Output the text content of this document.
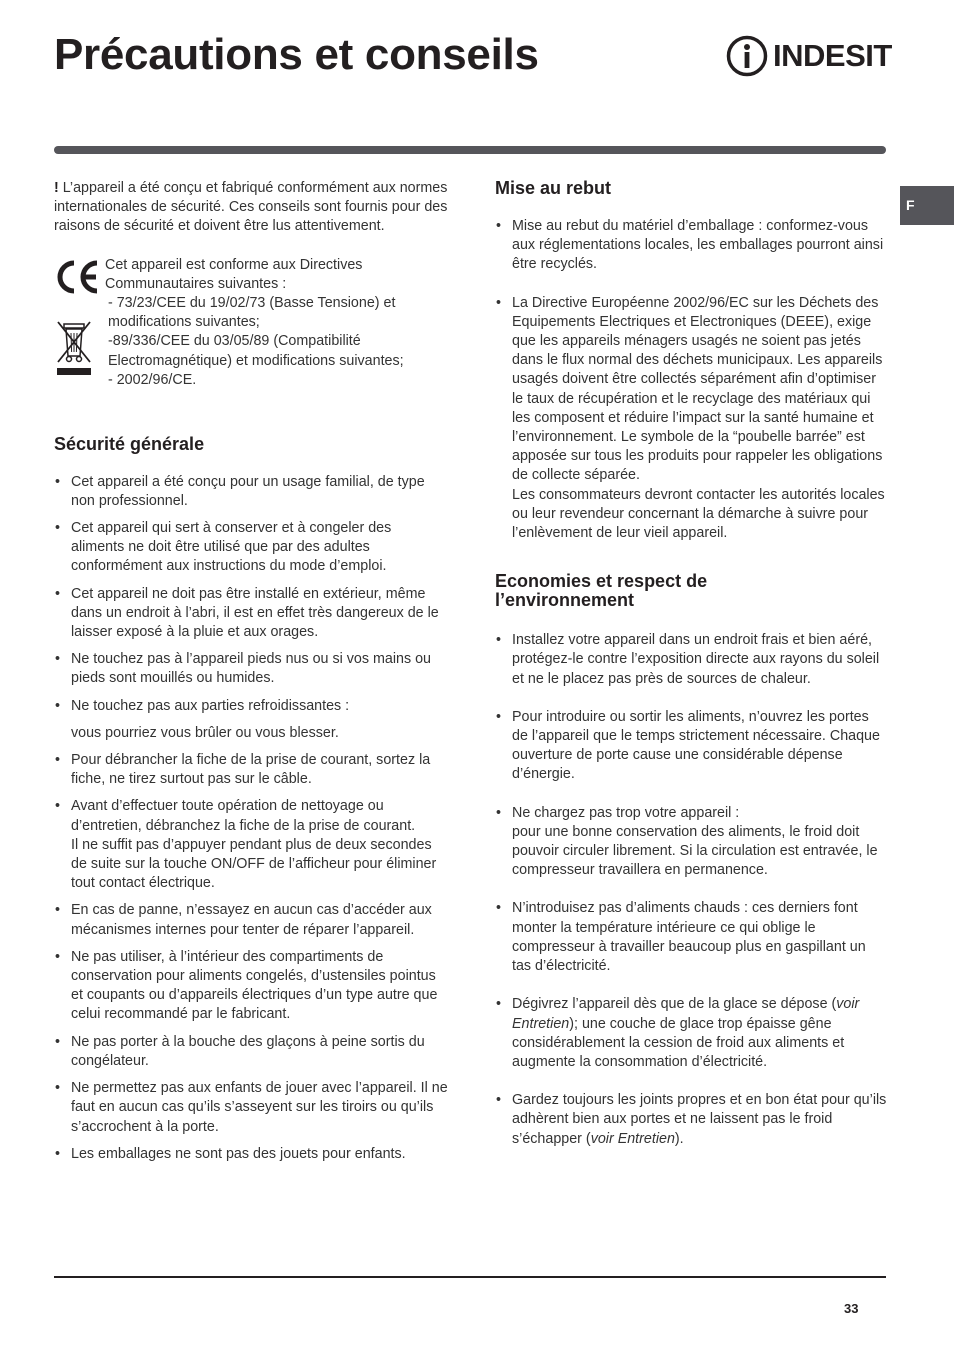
Précautions et conseils	INDESIT
F

! L’appareil a été conçu et fabriqué conformément aux normes internationales de sécurité. Ces conseils sont fournis pour des raisons de sécurité et doivent être lus attentivement.

Cet appareil est conforme aux Directives

Communautaires suivantes :

- 73/23/CEE du 19/02/73 (Basse Tensione) et

modifications suivantes;

-89/336/CEE du 03/05/89 (Compatibilité

Electromagnétique) et modifications suivantes;

- 2002/96/CE.

Sécurité générale
• Cet appareil a été conçu pour un usage familial, de type non professionnel.
• Cet appareil qui sert à conserver et à congeler des aliments ne doit être utilisé que par des adultes conformément aux instructions du mode d’emploi.
• Cet appareil ne doit pas être installé en extérieur, même dans un endroit à l’abri, il est en effet très dangereux de le laisser exposé à la pluie et aux orages.
• Ne touchez pas à l’appareil pieds nus ou si vos mains ou pieds sont mouillés ou humides.
• Ne touchez pas aux parties refroidissantes :
vous pourriez vous brûler ou vous blesser.
• Pour débrancher la fiche de la prise de courant, sortez la fiche, ne tirez surtout pas sur le câble.
• Avant d’effectuer toute opération de nettoyage ou d’entretien, débranchez la fiche de la prise de courant.
Il ne suffit pas d’appuyer pendant plus de deux secondes de suite sur la touche ON/OFF de l’afficheur pour éliminer tout contact électrique.
• En cas de panne, n’essayez en aucun cas d’accéder aux mécanismes internes pour tenter de réparer l’appareil.
• Ne pas utiliser, à l’intérieur des compartiments de conservation pour aliments congelés, d’ustensiles pointus et coupants ou d’appareils électriques d’un type autre que celui recommandé par le fabricant.
• Ne pas porter à la bouche des glaçons à peine sortis du congélateur.
• Ne permettez pas aux enfants de jouer avec l’appareil. Il ne faut en aucun cas qu’ils s’asseyent sur les tiroirs ou qu’ils s’accrochent à la porte.
• Les emballages ne sont pas des jouets pour enfants.
Mise au rebut
• Mise au rebut du matériel d’emballage : conformez-vous aux réglementations locales, les emballages pourront ainsi être recyclés.
• La Directive Européenne 2002/96/EC sur les Déchets des Equipements Electriques et Electroniques (DEEE), exige que les appareils ménagers usagés ne soient pas jetés dans le flux normal des déchets municipaux. Les appareils usagés doivent être collectés séparément afin d’optimiser le taux de récupération et le recyclage des matériaux qui les composent et réduire l’impact sur la santé humaine et l’environnement. Le symbole de la “poubelle barrée” est apposée sur tous les produits pour rappeler les obligations de collecte séparée.
Les consommateurs devront contacter les autorités locales ou leur revendeur concernant la démarche à suivre pour l’enlèvement de leur vieil appareil.
Economies et respect de
l’environnement
• Installez votre appareil dans un endroit frais et bien aéré, protégez-le contre l’exposition directe aux rayons du soleil et ne le placez pas près de sources de chaleur.
• Pour introduire ou sortir les aliments, n’ouvrez les portes de l’appareil que le temps strictement nécessaire. Chaque ouverture de porte cause une considérable dépense d’énergie.
• Ne chargez pas trop votre appareil :
pour une bonne conservation des aliments, le froid doit pouvoir circuler librement. Si la circulation est entravée, le compresseur travaillera en permanence.
• N’introduisez pas d’aliments chauds : ces derniers font monter la température intérieure ce qui oblige le compresseur à travailler beaucoup plus en gaspillant un tas d’électricité.
• Dégivrez l’appareil dès que de la glace se dépose (voir Entretien); une couche de glace trop épaisse gêne considérablement la cession de froid aux aliments et augmente la consommation d’électricité.
• Gardez toujours les joints propres et en bon état pour qu’ils adhèrent bien aux portes et ne laissent pas le froid s’échapper (voir Entretien).
33
